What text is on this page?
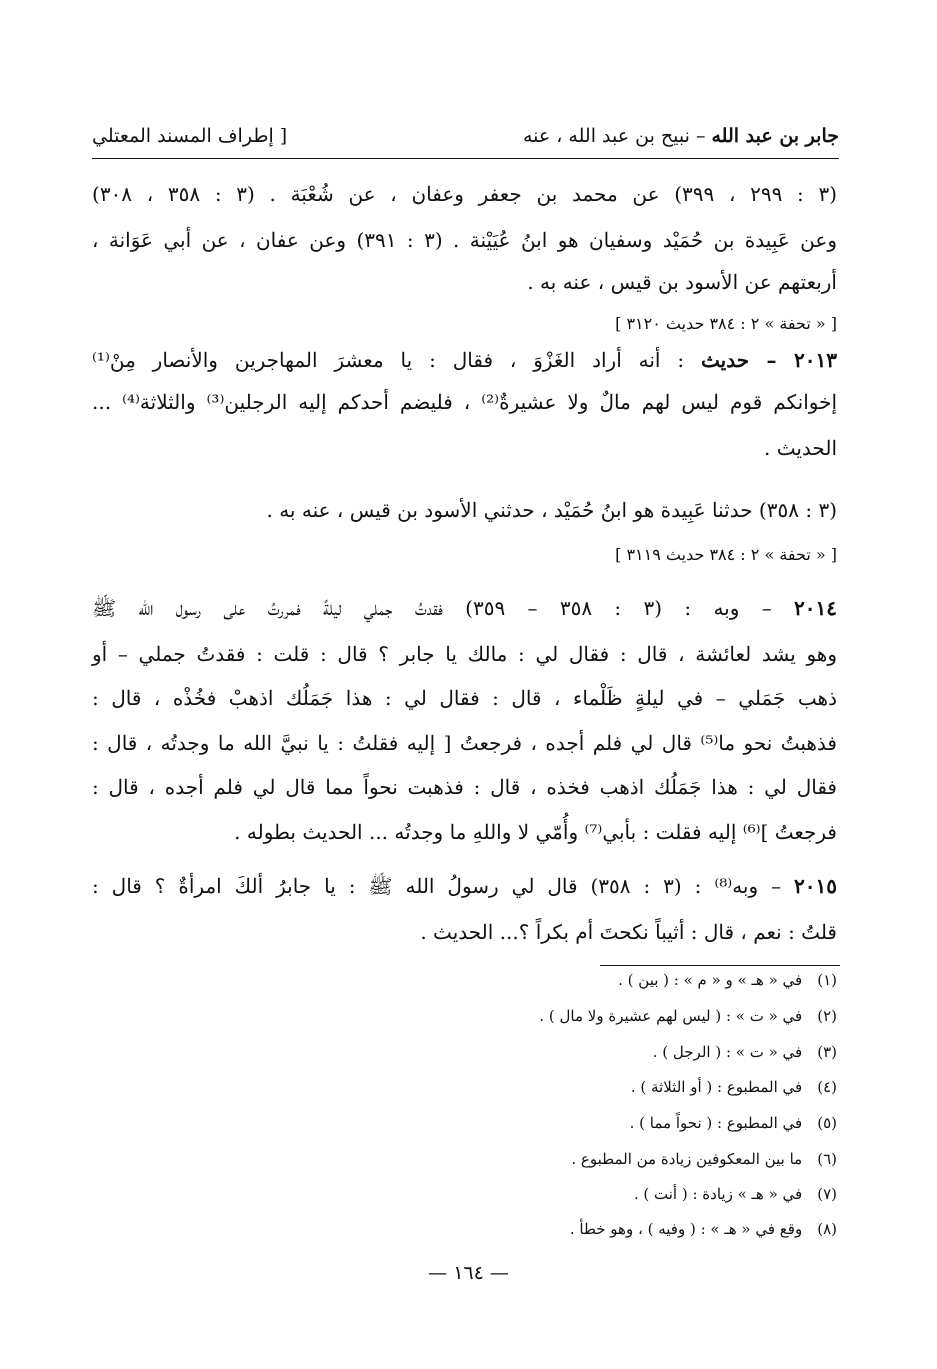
جابر بن عبد الله – نبيح بن عبد الله ، عنه
[ إطراف المسند المعتلي
(٣ : ٢٩٩ ، ٣٩٩) عن محمد بن جعفر وعفان ، عن شُعْبَة . (٣ : ٣٥٨ ، ٣٠٨)
وعن عَبِيدة بن حُمَيْد وسفيان هو ابنُ عُيَيْنة . (٣ : ٣٩١) وعن عفان ، عن أبي عَوَانة ،
أربعتهم عن الأسود بن قيس ، عنه به .
[ « تحفة » ٢ : ٣٨٤ حديث ٣١٢٠ ]
٢٠١٣ – حديث : أنه أراد الغَزْوَ ، فقال : يا معشرَ المهاجرين والأنصار مِنْ⁽¹⁾
إخوانكم قوم ليس لهم مالٌ ولا عشيرةٌ⁽²⁾ ، فليضم أحدكم إليه الرجلين⁽³⁾ والثلاثة⁽⁴⁾ ...
الحديث .
(٣ : ٣٥٨) حدثنا عَبِيدة هو ابنُ حُمَيْد ، حدثني الأسود بن قيس ، عنه به .
[ « تحفة » ٢ : ٣٨٤ حديث ٣١١٩ ]
٢٠١٤ – وبه : (٣ : ٣٥٨ – ٣٥٩) فقدتُ جملي ليلةً فمررتُ على رسول الله ﷺ
وهو يشد لعائشة ، قال : فقال لي : مالك يا جابر ؟ قال : قلت : فقدتُ جملي – أو
ذهب جَمَلي – في ليلةٍ ظَلْماء ، قال : فقال لي : هذا جَمَلُك اذهبْ فخُذْه ، قال :
فذهبتُ نحو ما⁽⁵⁾ قال لي فلم أجده ، فرجعتُ [ إليه فقلتُ : يا نبيَّ الله ما وجدتُه ، قال :
فقال لي : هذا جَمَلُك اذهب فخذه ، قال : فذهبت نحواً مما قال لي فلم أجده ، قال :
فرجعتُ ]⁽⁶⁾ إليه فقلت : بأبي⁽⁷⁾ وأُمّي لا واللهِ ما وجدتُه ... الحديث بطوله .
٢٠١٥ – وبه⁽⁸⁾ : (٣ : ٣٥٨) قال لي رسولُ الله ﷺ : يا جابرُ ألكَ امرأةٌ ؟ قال :
قلتُ : نعم ، قال : أثيباً نكحتَ أم بكراً ؟... الحديث .
(١) في « هـ » و « م » : ( بين ) .
(٢) في « ت » : ( ليس لهم عشيرة ولا مال ) .
(٣) في « ت » : ( الرجل ) .
(٤) في المطبوع : ( أو الثلاثة ) .
(٥) في المطبوع : ( نحواً مما ) .
(٦) ما بين المعكوفين زيادة من المطبوع .
(٧) في « هـ » زيادة : ( أنت ) .
(٨) وقع في « هـ » : ( وفيه ) ، وهو خطأ .
— ١٦٤ —
